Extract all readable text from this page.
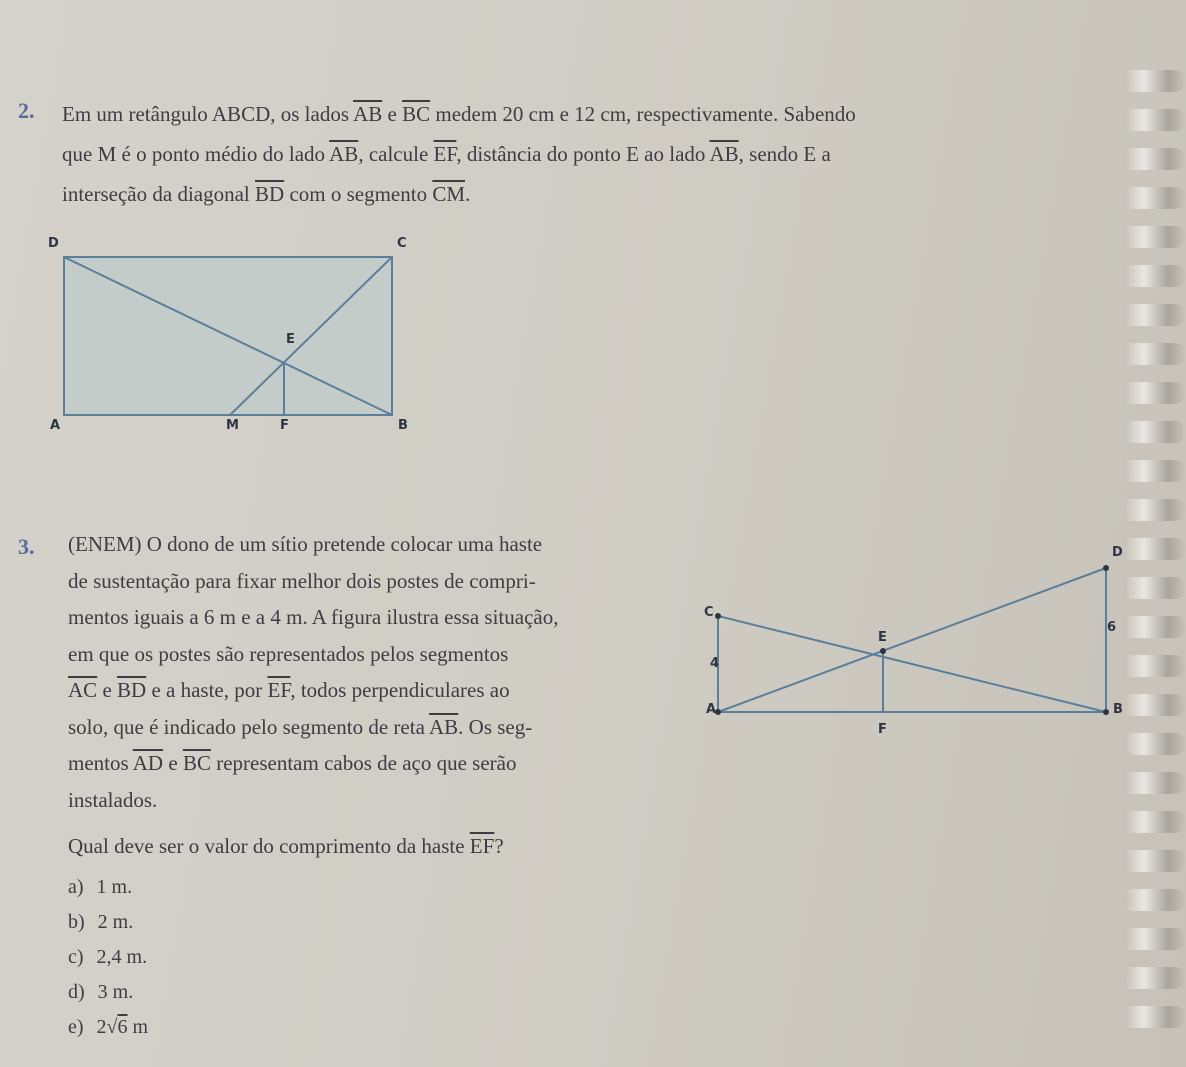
2. Em um retângulo ABCD, os lados $\overline{AB}$ e $\overline{BC}$ medem 20 cm e 12 cm, respectivamente. Sabendo
que M é o ponto médio do lado $\overline{AB}$, calcule $\overline{EF}$, distância do ponto E ao lado $\overline{AB}$, sendo E a
interseção da diagonal $\overline{BD}$ com o segmento $\overline{CM}$.
D	C
E
A	M	F	B
3. (ENEM) O dono de um sítio pretende colocar uma haste
de sustentação para fixar melhor dois postes de compri-
mentos iguais a 6 m e a 4 m. A figura ilustra essa situação,
em que os postes são representados pelos segmentos
$\overline{AC}$ e $\overline{BD}$ e a haste, por $\overline{EF}$, todos perpendiculares ao
solo, que é indicado pelo segmento de reta $\overline{AB}$. Os seg-
mentos $\overline{AD}$ e $\overline{BC}$ representam cabos de aço que serão
instalados.
Qual deve ser o valor do comprimento da haste $\overline{EF}$?
C
D
E
A
F
B
6
4
a) 1 m.
b) 2 m.
c) 2,4 m.
d) 3 m.
e) 2√6 m
